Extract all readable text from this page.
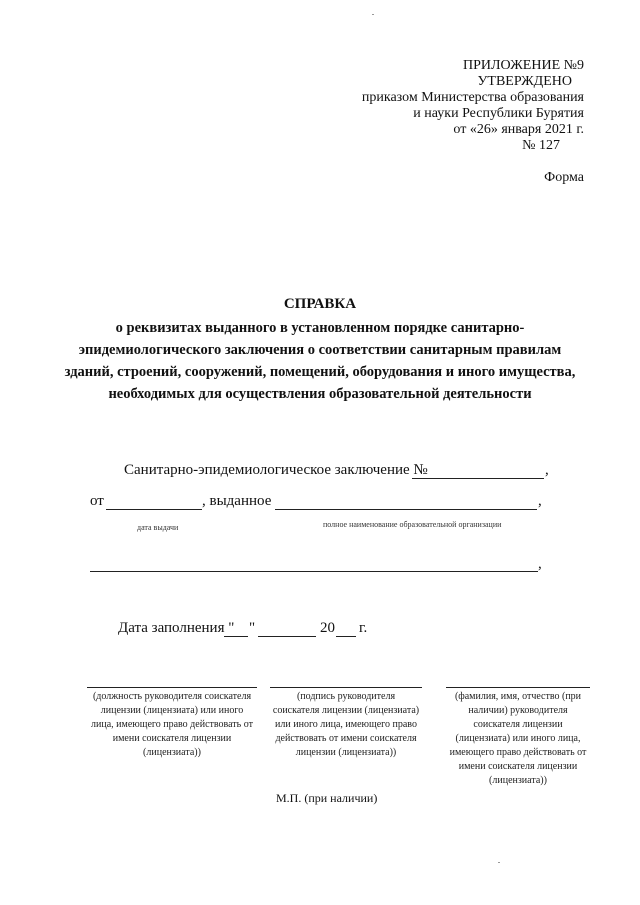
ПРИЛОЖЕНИЕ №9
УТВЕРЖДЕНО
приказом Министерства образования
и науки Республики Бурятия
от «26» января 2021 г.
№ 127
Форма
СПРАВКА
о реквизитах выданного в установленном порядке санитарно-
эпидемиологического заключения о соответствии санитарным правилам
зданий, строений, сооружений, помещений, оборудования и иного имущества,
необходимых для осуществления образовательной деятельности
Санитарно-эпидемиологическое заключение №	,
от	, выданное	,
дата выдачи	полное наименование образовательной организации
,
Дата заполнения " "	20 г.
(должность руководителя соискателя
лицензии (лицензиата) или иного
лица, имеющего право действовать от
имени соискателя лицензии
(лицензиата))
(подпись руководителя
соискателя лицензии (лицензиата)
или иного лица, имеющего право
действовать от имени соискателя
лицензии (лицензиата))
(фамилия, имя, отчество (при
наличии) руководителя
соискателя лицензии
(лицензиата) или иного лица,
имеющего право действовать от
имени соискателя лицензии
(лицензиата))
М.П. (при наличии)
